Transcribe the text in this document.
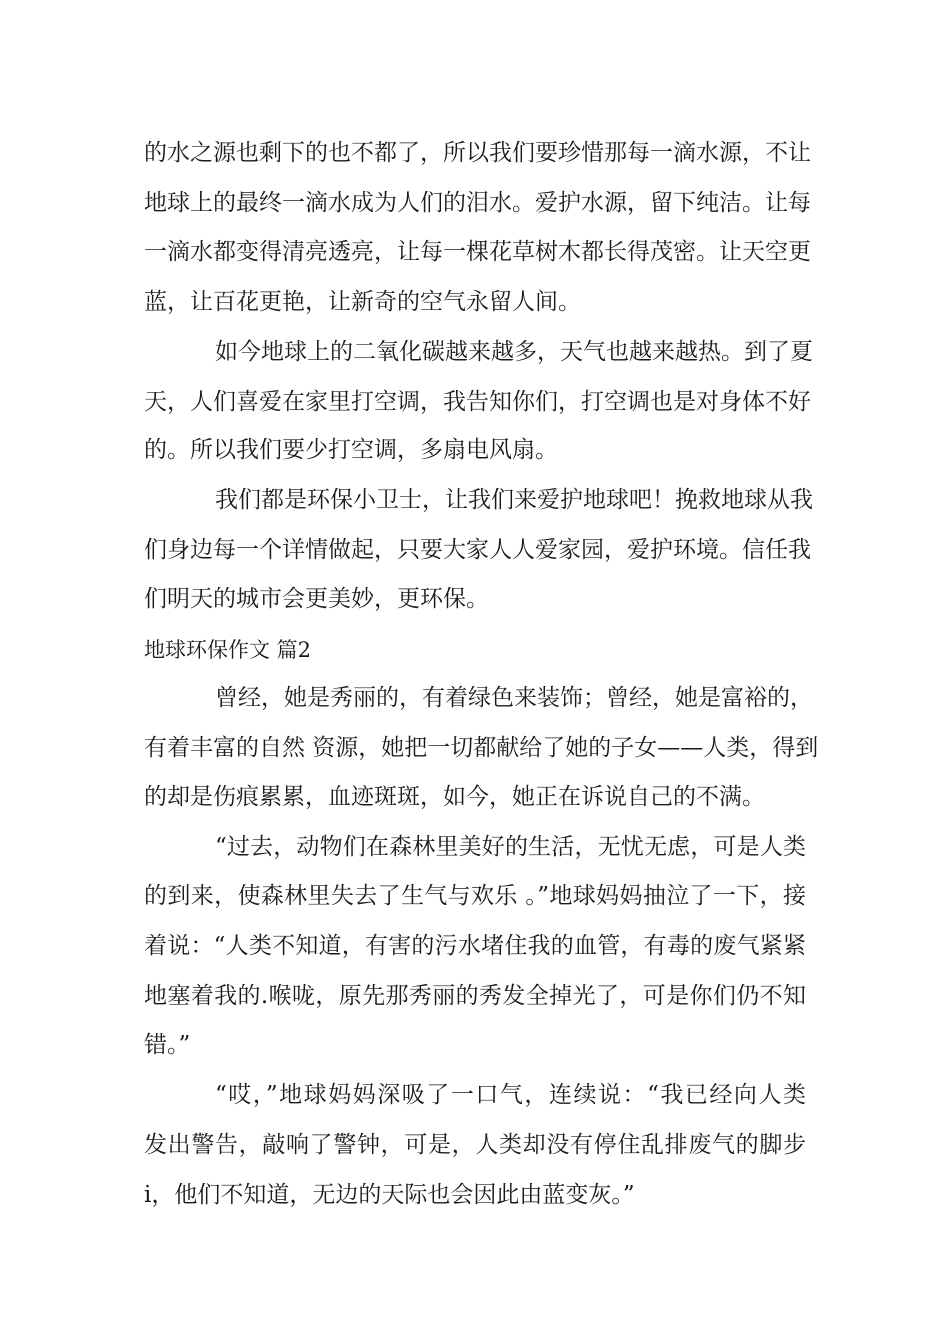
的水之源也剩下的也不都了，所以我们要珍惜那每一滴水源，不让
地球上的最终一滴水成为人们的泪水。爱护水源，留下纯洁。让每
一滴水都变得清亮透亮，让每一棵花草树木都长得茂密。让天空更
蓝，让百花更艳，让新奇的空气永留人间。
如今地球上的二氧化碳越来越多，天气也越来越热。到了夏
天，人们喜爱在家里打空调，我告知你们，打空调也是对身体不好
的。所以我们要少打空调，多扇电风扇。
我们都是环保小卫士，让我们来爱护地球吧！挽救地球从我
们身边每一个详情做起，只要大家人人爱家园，爱护环境。信任我
们明天的城市会更美妙，更环保。
地球环保作文 篇2
曾经，她是秀丽的，有着绿色来装饰；曾经，她是富裕的，
有着丰富的自然 资源，她把一切都献给了她的子女——人类，得到
的却是伤痕累累，血迹斑斑，如今，她正在诉说自己的不满。
“过去，动物们在森林里美好的生活，无忧无虑，可是人类
的到来，使森林里失去了生气与欢乐 。”地球妈妈抽泣了一下，接
着说：“人类不知道，有害的污水堵住我的血管，有毒的废气紧紧
地塞着我的.喉咙，原先那秀丽的秀发全掉光了，可是你们仍不知
错。”
“哎，”地球妈妈深吸了一口气，连续说：“我已经向人类
发出警告，敲响了警钟，可是，人类却没有停住乱排废气的脚步
i，他们不知道，无边的天际也会因此由蓝变灰。”
